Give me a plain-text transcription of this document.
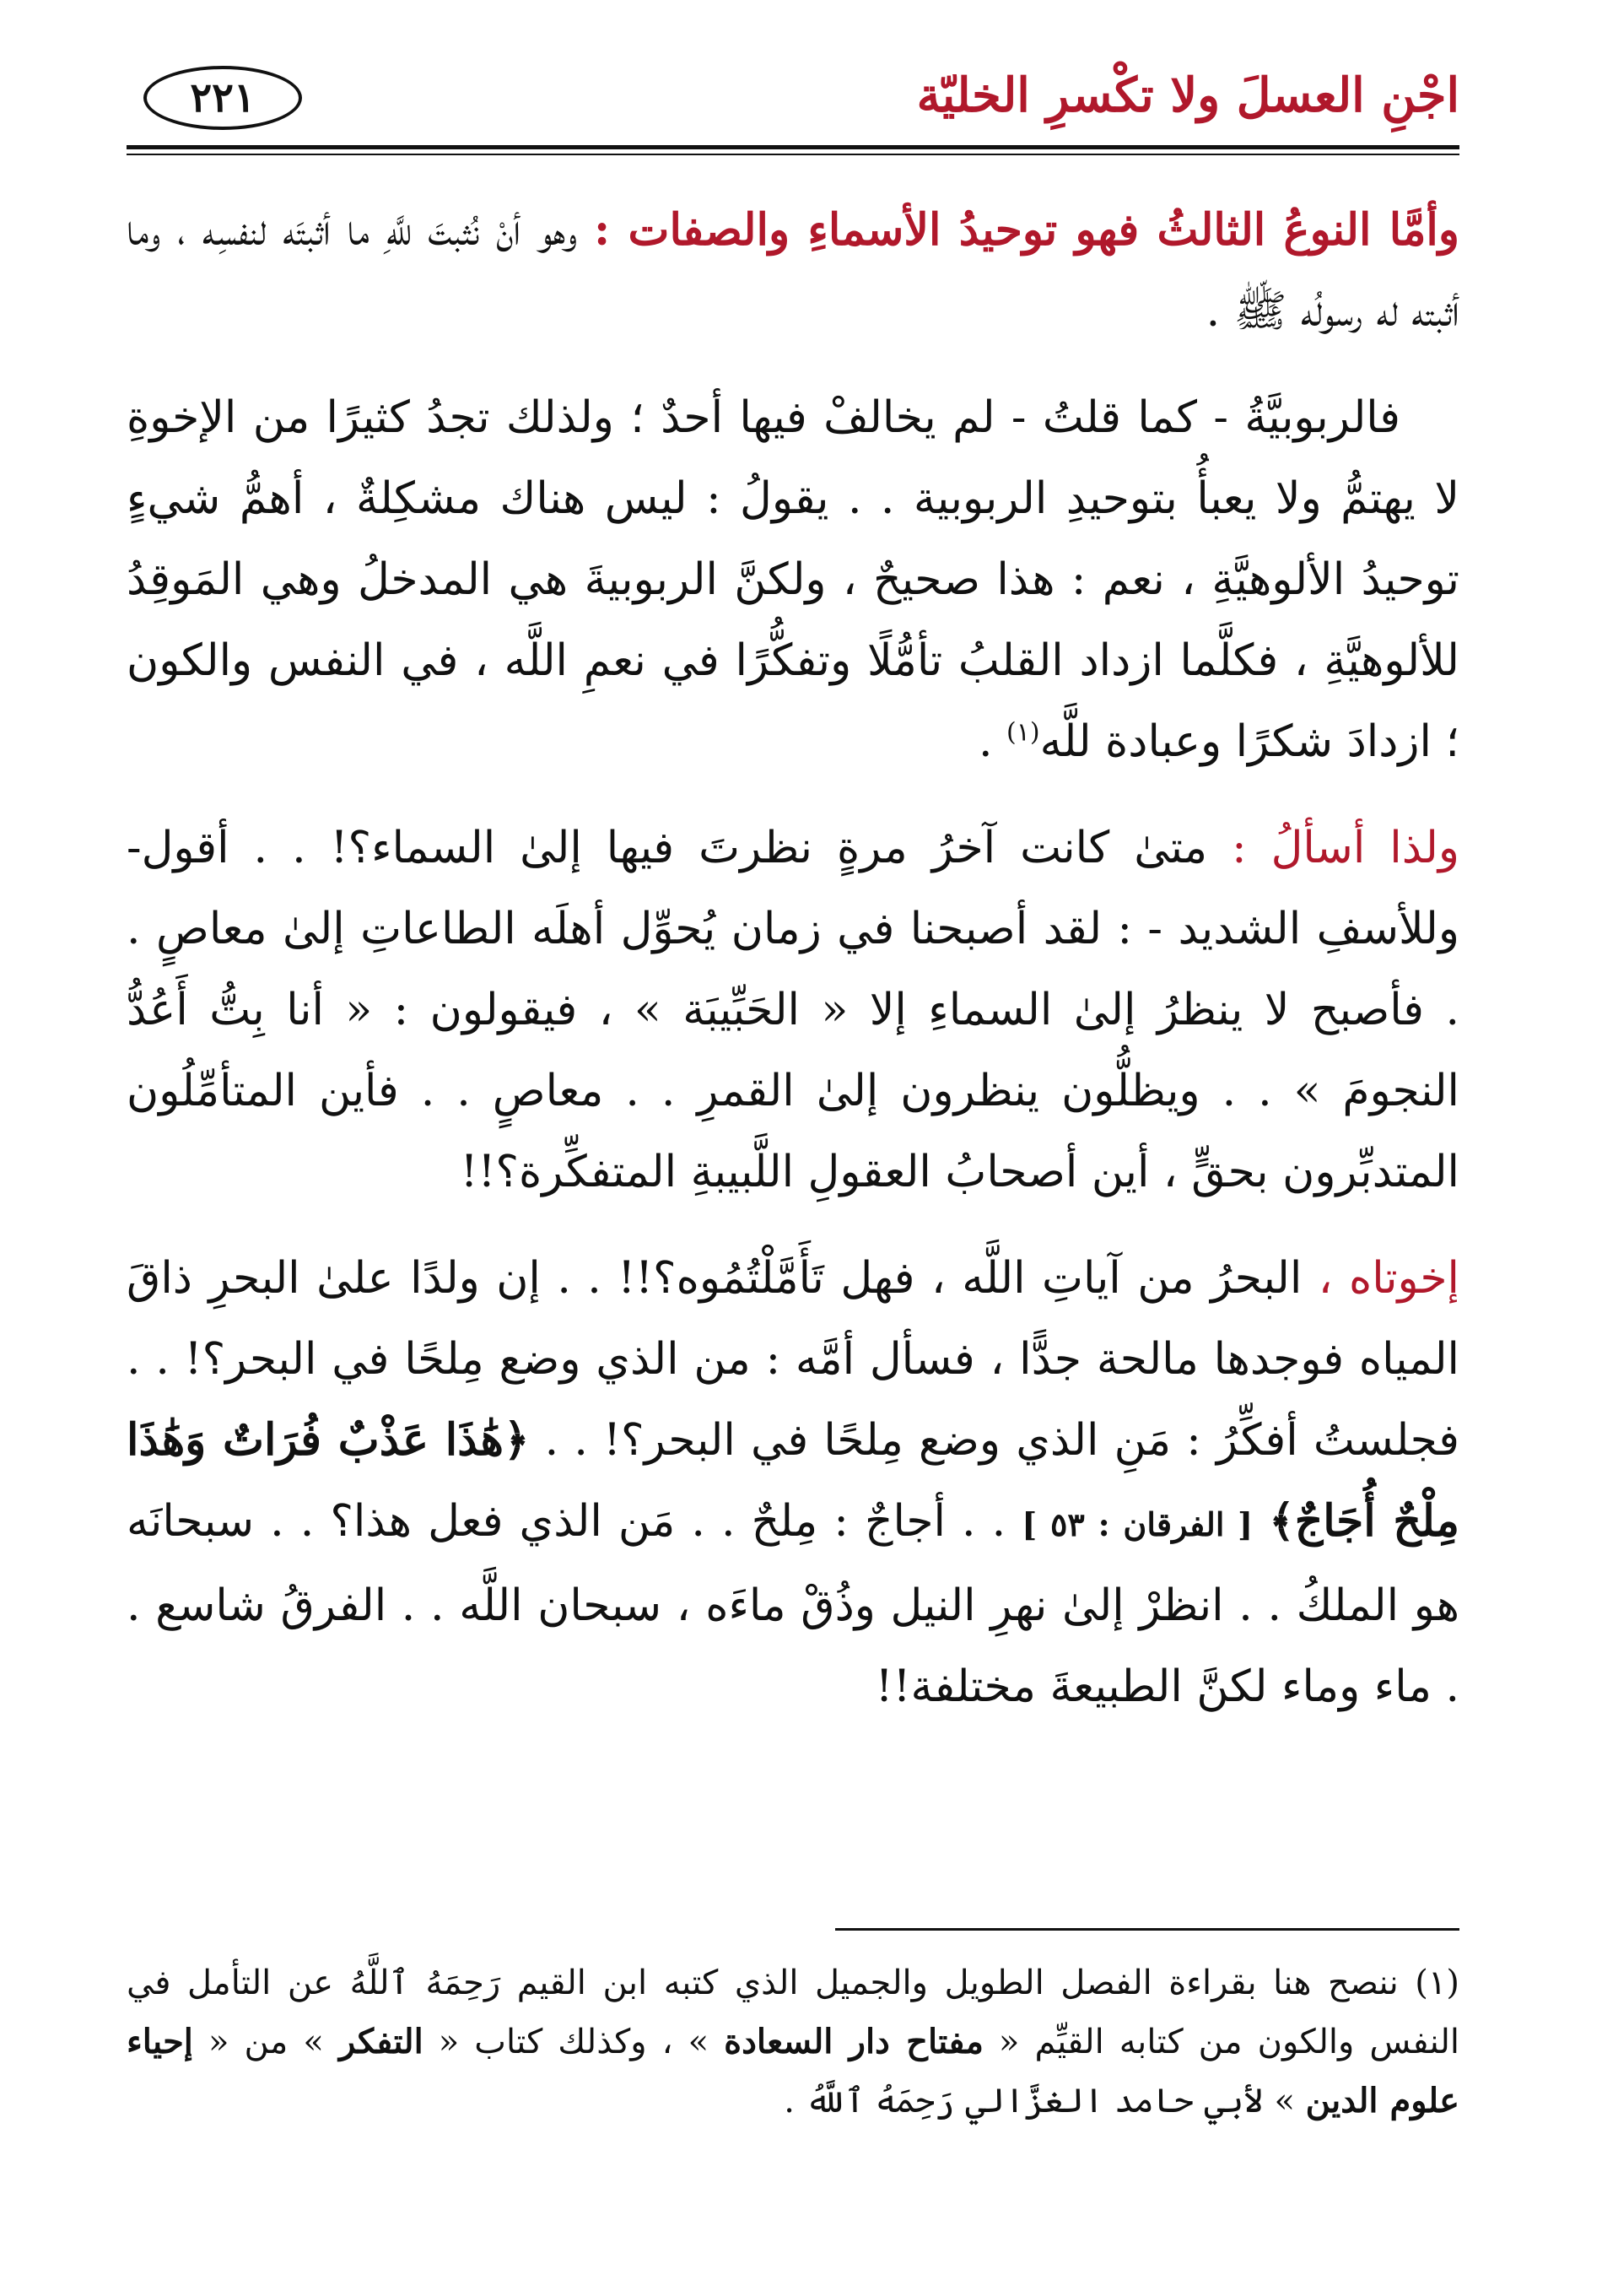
اجْنِ العسلَ ولا تكْسرِ الخليّة
٢٢١

وأمَّا النوعُ الثالثُ فهو توحيدُ الأسماءِ والصفات : وهو أنْ نُثبتَ للَّهِ ما أثبتَه لنفسِه ، وما أثبته له رسولُه ﷺ .

فالربوبيَّةُ - كما قلتُ - لم يخالفْ فيها أحدٌ ؛ ولذلك تجدُ كثيرًا من الإخوةِ لا يهتمُّ ولا يعبأُ بتوحيدِ الربوبية . . يقولُ : ليس هناك مشكِلةٌ ، أهمُّ شيءٍ توحيدُ الألوهيَّةِ ، نعم : هذا صحيحٌ ، ولكنَّ الربوبيةَ هي المدخلُ وهي المَوقِدُ للألوهيَّةِ ، فكلَّما ازداد القلبُ تأمُّلًا وتفكُّرًا في نعمِ اللَّه ، في النفس والكون ؛ ازدادَ شكرًا وعبادة للَّه$^{(١)}$ .

ولذا أسألُ : متىٰ كانت آخرُ مرةٍ نظرتَ فيها إلىٰ السماء؟! . . أقول- وللأسفِ الشديد - : لقد أصبحنا في زمان يُحوِّل أهلَه الطاعاتِ إلىٰ معاصٍ . . فأصبح لا ينظرُ إلىٰ السماءِ إلا « الحَبِّيبَة » ، فيقولون : « أنا بِتُّ أَعُدُّ النجومَ » . . ويظلُّون ينظرون إلىٰ القمرِ . . معاصٍ . . فأين المتأمِّلُون المتدبِّرون بحقٍّ ، أين أصحابُ العقولِ اللَّبيبةِ المتفكِّرة؟!!

إخوتاه ، البحرُ من آياتِ اللَّه ، فهل تَأَمَّلْتُمُوه؟!! . . إن ولدًا علىٰ البحرِ ذاقَ المياه فوجدها مالحة جدًّا ، فسأل أمَّه : من الذي وضع مِلحًا في البحر؟! . . فجلستُ أفكِّرُ : مَنِ الذي وضع مِلحًا في البحر؟! . . ﴿هَٰذَا عَذْبٌ فُرَاتٌ وَهَٰذَا مِلْحٌ أُجَاجٌ﴾ [ الفرقان : ٥٣ ] . . أجاجٌ : مِلحٌ . . مَن الذي فعل هذا؟ . . سبحانَه هو الملكُ . . انظرْ إلىٰ نهرِ النيل وذُقْ ماءَه ، سبحان اللَّه . . الفرقُ شاسع . . ماء وماء لكنَّ الطبيعةَ مختلفة!!

(١) ننصح هنا بقراءة الفصل الطويل والجميل الذي كتبه ابن القيم رَحِمَهُ ٱللَّهُ عن التأمل في النفس والكون من كتابه القيِّم « مفتاح دار السعادة » ، وكذلك كتاب « التفكر » من « إحياء علوم الدين » لأبي حامد الغزَّالي رَحِمَهُ ٱللَّهُ .
